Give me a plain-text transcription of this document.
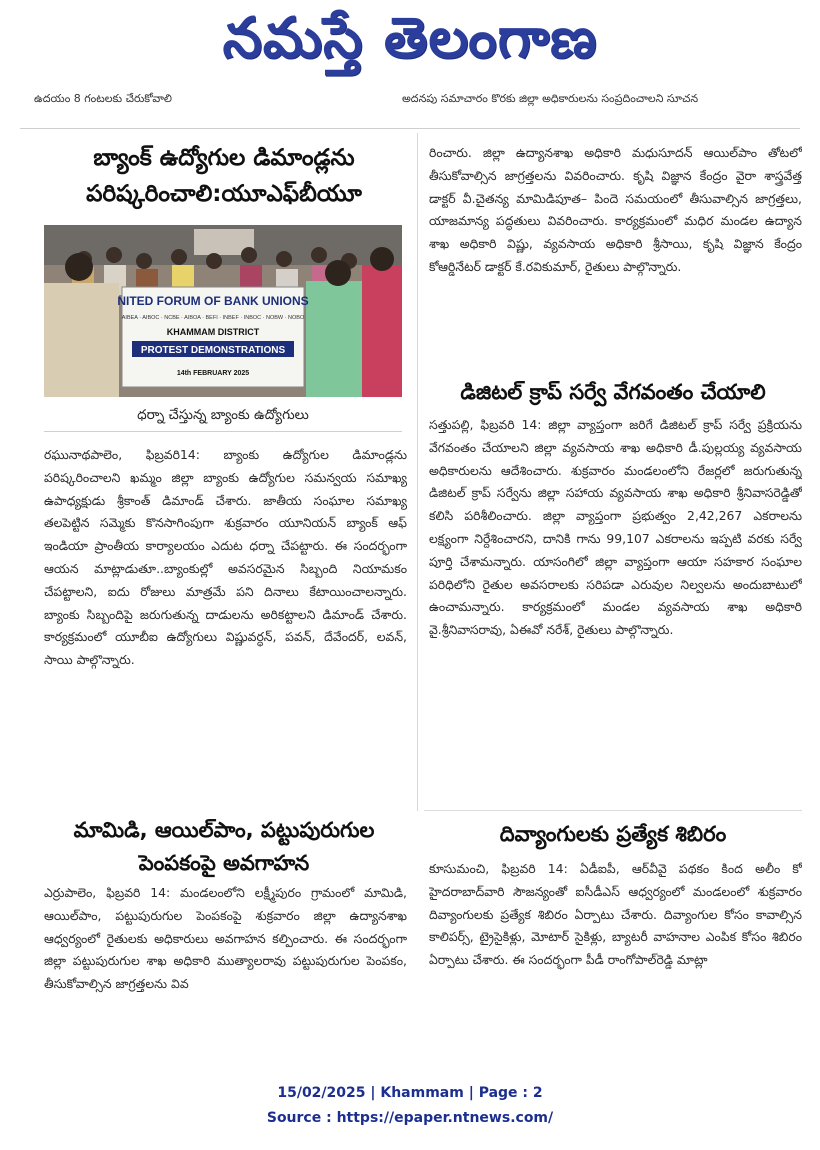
నమస్తే తెలంగాణ
ఉదయం 8 గంటలకు చేరుకోవాలి	అదనపు సమాచారం కొరకు జిల్లా అధికారులను సంప్రదించాలని సూచన
బ్యాంక్ ఉద్యోగుల డిమాండ్లను
పరిష్కరించాలి:యూఎఫ్‌బీయూ
NITED FORUM OF BANK UNIONS
AIBEA · AIBOC · NCBE · AIBOA · BEFI · INBEF · INBOC · NOBW · NOBO
KHAMMAM DISTRICT
PROTEST DEMONSTRATIONS
14th FEBRUARY 2025
ధర్నా చేస్తున్న బ్యాంకు ఉద్యోగులు
రఘునాథపాలెం, ఫిబ్రవరి14: బ్యాంకు ఉద్యోగుల డిమాండ్లను పరిష్కరించాలని ఖమ్మం జిల్లా బ్యాంకు ఉద్యోగుల సమన్వయ సమాఖ్య ఉపాధ్యక్షుడు శ్రీకాంత్ డిమాండ్ చేశారు. జాతీయ సంఘాల సమాఖ్య తలపెట్టిన సమ్మెకు కొనసాగింపుగా శుక్రవారం యూనియన్ బ్యాంక్ ఆఫ్ ఇండియా ప్రాంతీయ కార్యాలయం ఎదుట ధర్నా చేపట్టారు. ఈ సందర్భంగా ఆయన మాట్లాడుతూ..బ్యాంకుల్లో అవసరమైన సిబ్బంది నియామకం చేపట్టాలని, ఐదు రోజులు మాత్రమే పని దినాలు కేటాయించాలన్నారు. బ్యాంకు సిబ్బందిపై జరుగుతున్న దాడులను అరికట్టాలని డిమాండ్ చేశారు. కార్యక్రమంలో యూబీఐ ఉద్యోగులు విష్ణువర్ధన్, పవన్, దేవేందర్, లవన్, సాయి పాల్గొన్నారు.
మామిడి, ఆయిల్‌పాం, పట్టుపురుగుల
పెంపకంపై అవగాహన
ఎర్రుపాలెం, ఫిబ్రవరి 14: మండలంలోని లక్ష్మీపురం గ్రామంలో మామిడి, ఆయిల్‌పాం, పట్టుపురుగుల పెంపకంపై శుక్రవారం జిల్లా ఉద్యానశాఖ ఆధ్వర్యంలో రైతులకు అధికారులు అవగాహన కల్పించారు. ఈ సందర్భంగా జిల్లా పట్టుపురుగుల శాఖ అధికారి ముత్యాలరావు పట్టుపురుగుల పెంపకం, తీసుకోవాల్సిన జాగ్రత్తలను వివ
రించారు. జిల్లా ఉద్యానశాఖ అధికారి మధుసూదన్ ఆయిల్‌పాం తోటలో తీసుకోవాల్సిన జాగ్రత్తలను వివరించారు. కృషి విజ్ఞాన కేంద్రం వైరా శాస్త్రవేత్త డాక్టర్ వీ.చైతన్య మామిడిపూత– పిందె సమయంలో తీసువాల్సిన జాగ్రత్తలు, యాజమాన్య పద్ధతులు వివరించారు. కార్యక్రమంలో మధిర మండల ఉద్యాన శాఖ అధికారి విష్ణు, వ్యవసాయ అధికారి శ్రీసాయి, కృషి విజ్ఞాన కేంద్రం కోఆర్డినేటర్ డాక్టర్ కే.రవికుమార్, రైతులు పాల్గొన్నారు.
డిజిటల్ క్రాప్ సర్వే వేగవంతం చేయాలి
సత్తుపల్లి, ఫిబ్రవరి 14: జిల్లా వ్యాప్తంగా జరిగే డిజిటల్ క్రాప్ సర్వే ప్రక్రియను వేగవంతం చేయాలని జిల్లా వ్యవసాయ శాఖ అధికారి డీ.పుల్లయ్య వ్యవసాయ అధికారులను ఆదేశించారు. శుక్రవారం మండలంలోని రేజర్లలో జరుగుతున్న డిజిటల్ క్రాప్ సర్వేను జిల్లా సహాయ వ్యవసాయ శాఖ అధికారి శ్రీనివాసరెడ్డితో కలిసి పరిశీలించారు. జిల్లా వ్యాప్తంగా ప్రభుత్వం 2,42,267 ఎకరాలను లక్ష్యంగా నిర్దేశించారని, దానికి గాను 99,107 ఎకరాలను ఇప్పటి వరకు సర్వే పూర్తి చేశామన్నారు. యాసంగిలో జిల్లా వ్యాప్తంగా ఆయా సహకార సంఘాల పరిధిలోని రైతుల అవసరాలకు సరిపడా ఎరువుల నిల్వలను అందుబాటులో ఉంచామన్నారు. కార్యక్రమంలో మండల వ్యవసాయ శాఖ అధికారి వై.శ్రీనివాసరావు, ఏఈవో నరేశ్, రైతులు పాల్గొన్నారు.
దివ్యాంగులకు ప్రత్యేక శిబిరం
కూసుమంచి, ఫిబ్రవరి 14: ఏడీఐపీ, ఆర్‌వీవై పథకం కింద అలీం కో హైదరాబాద్‌వారి సౌజన్యంతో ఐసీడీఎస్ ఆధ్వర్యంలో మండలంలో శుక్రవారం దివ్యాంగులకు ప్రత్యేక శిబిరం ఏర్పాటు చేశారు. దివ్యాంగుల కోసం కావాల్సిన కాలిపర్స్, ట్రైసైకిళ్లు, మోటార్ సైకిళ్లు, బ్యాటరీ వాహనాల ఎంపిక కోసం శిబిరం ఏర్పాటు చేశారు. ఈ సందర్భంగా పీడీ రాంగోపాల్‌రెడ్డి మాట్లా
15/02/2025 | Khammam | Page : 2
Source : https://epaper.ntnews.com/
